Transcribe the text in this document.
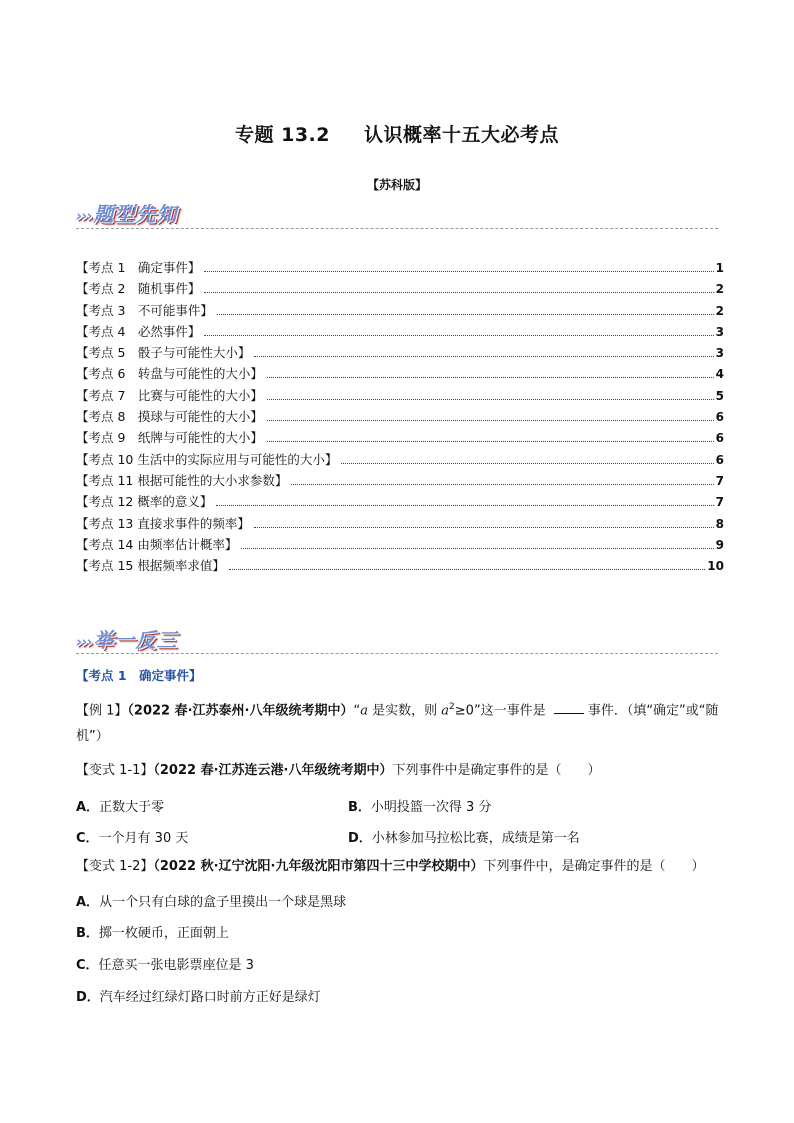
专题 13.2 认识概率十五大必考点
【苏科版】
››› 题型先知
【考点 1　确定事件】	1
【考点 2　随机事件】	2
【考点 3　不可能事件】	2
【考点 4　必然事件】	3
【考点 5　骰子与可能性大小】	3
【考点 6　转盘与可能性的大小】	4
【考点 7　比赛与可能性的大小】	5
【考点 8　摸球与可能性的大小】	6
【考点 9　纸牌与可能性的大小】	6
【考点 10 生活中的实际应用与可能性的大小】	6
【考点 11 根据可能性的大小求参数】	7
【考点 12 概率的意义】	7
【考点 13 直接求事件的频率】	8
【考点 14 由频率估计概率】	9
【考点 15 根据频率求值】	10
››› 举一反三
【考点 1　确定事件】
【例 1】（2022 春·江苏泰州·八年级统考期中）“a 是实数，则 $a^2\ge 0$”这一事件是	事件．（填“确定”或“随机”）
【变式 1-1】（2022 春·江苏连云港·八年级统考期中）下列事件中是确定事件的是（　　）
A．正数大于零	B．小明投篮一次得 3 分
C．一个月有 30 天	D．小林参加马拉松比赛，成绩是第一名
【变式 1-2】（2022 秋·辽宁沈阳·九年级沈阳市第四十三中学校期中）下列事件中，是确定事件的是（　　）
A．从一个只有白球的盒子里摸出一个球是黑球
B．掷一枚硬币，正面朝上
C．任意买一张电影票座位是 3
D．汽车经过红绿灯路口时前方正好是绿灯
